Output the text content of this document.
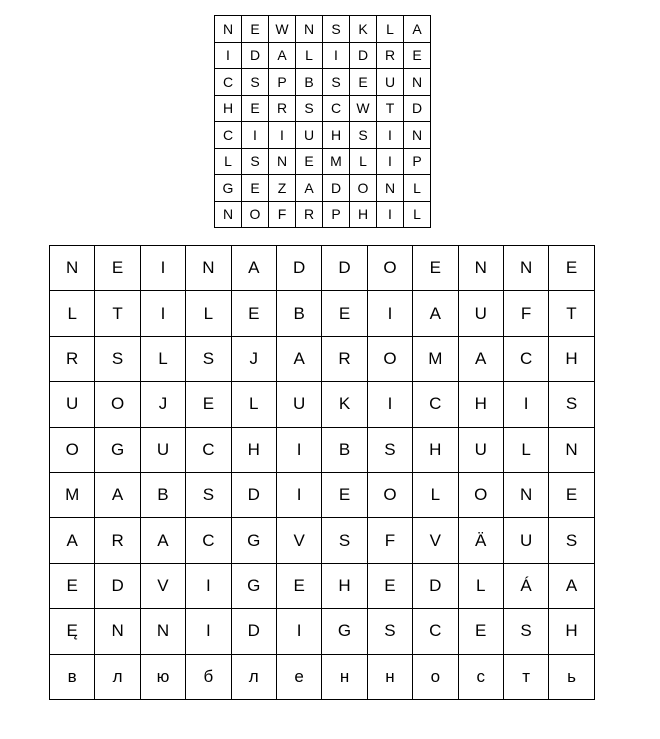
N	E	W	N	S	K	L	A
I	D	A	L	I	D	R	E
C	S	P	B	S	E	U	N
H	E	R	S	C	W	T	D
C	I	I	U	H	S	I	N
L	S	N	E	M	L	I	P
G	E	Z	A	D	O	N	L
N	O	F	R	P	H	I	L
N	E	I	N	A	D	D	O	E	N	N	E
L	T	I	L	E	B	E	I	A	U	F	T
R	S	L	S	J	A	R	O	M	A	C	H
U	O	J	E	L	U	K	I	C	H	I	S
O	G	U	C	H	I	B	S	H	U	L	N
M	A	B	S	D	I	E	O	L	O	N	E
A	R	A	C	G	V	S	F	V	Ä	U	S
E	D	V	I	G	E	H	E	D	L	Á	A
Ę	N	N	I	D	I	G	S	C	E	S	H
в	л	ю	б	л	е	н	н	о	с	т	ь
